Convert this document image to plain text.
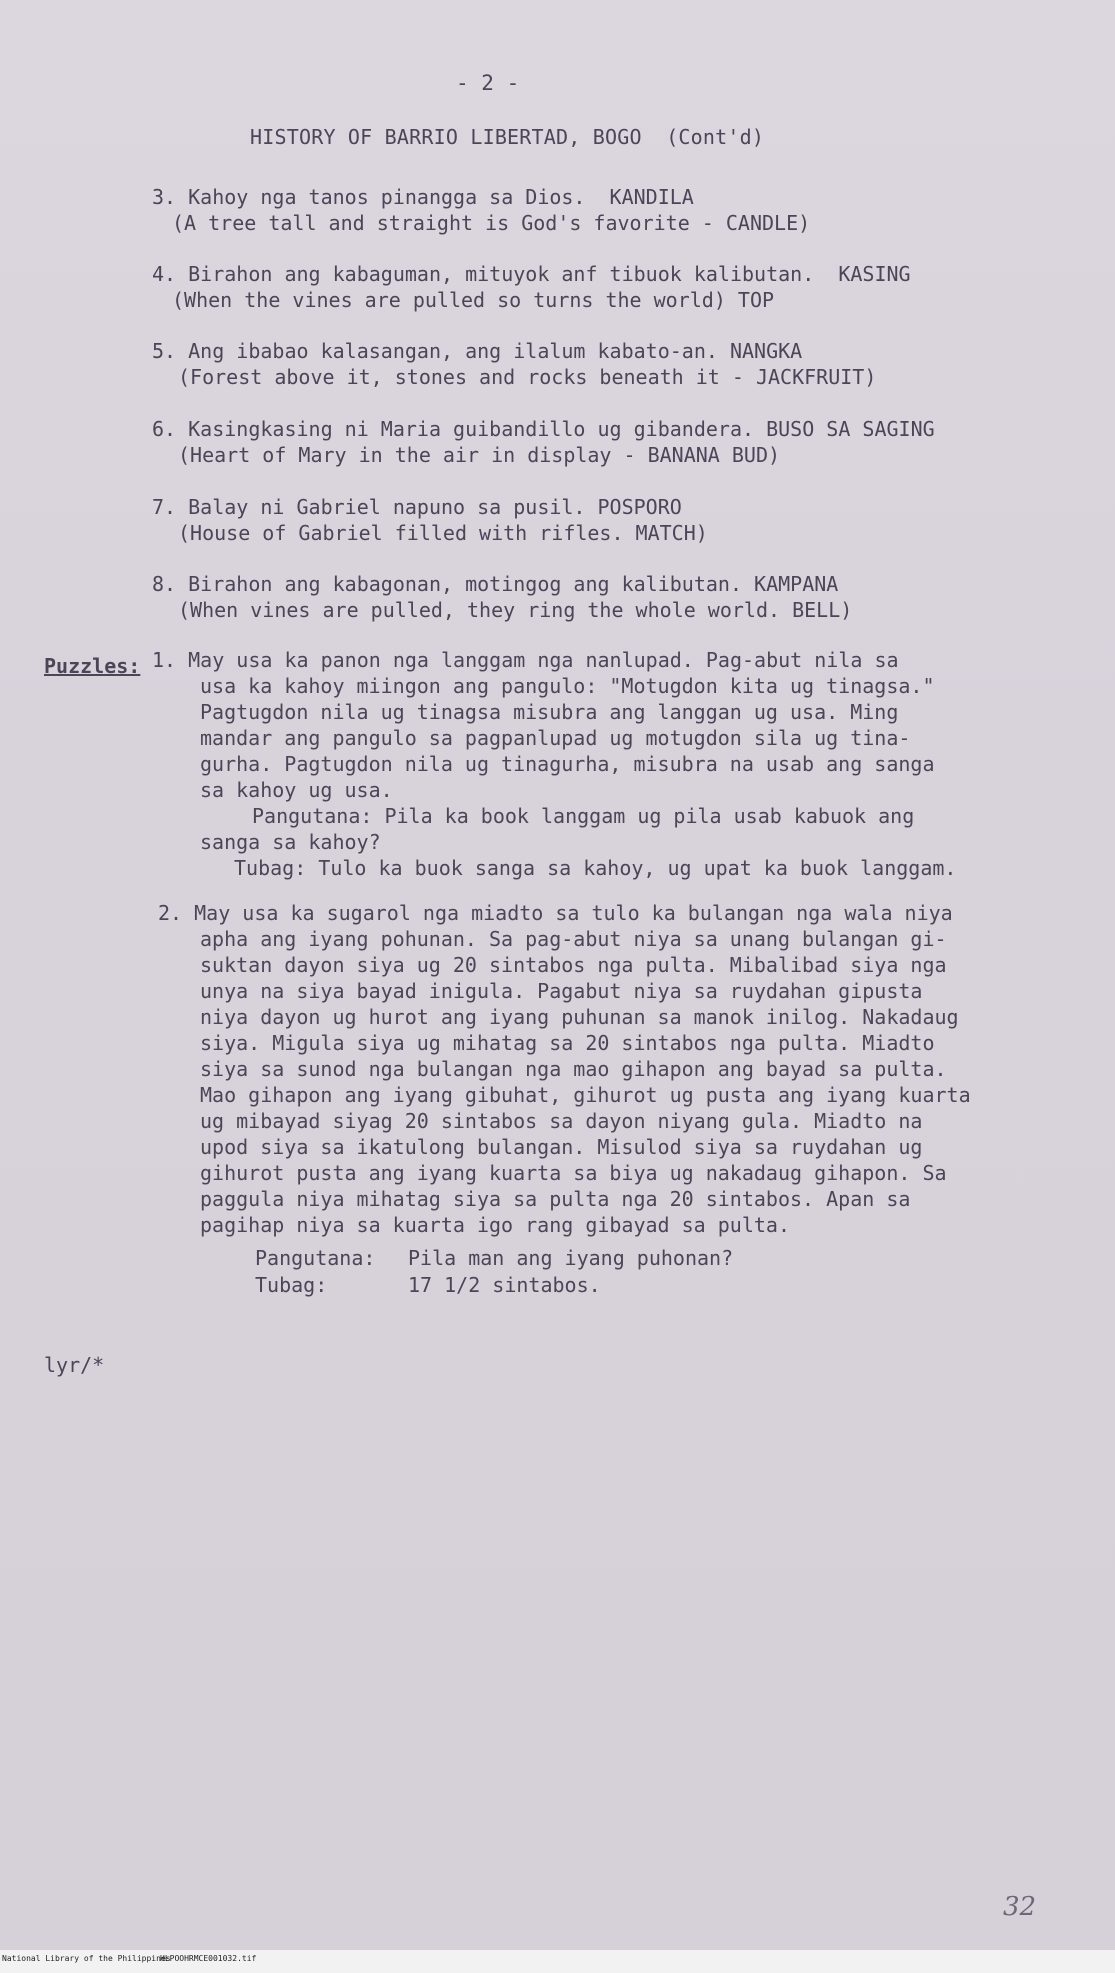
- 2 -
HISTORY OF BARRIO LIBERTAD, BOGO  (Cont'd)
3. Kahoy nga tanos pinangga sa Dios.  KANDILA
(A tree tall and straight is God's favorite - CANDLE)
4. Birahon ang kabaguman, mituyok anf tibuok kalibutan.  KASING
(When the vines are pulled so turns the world) TOP
5. Ang ibabao kalasangan, ang ilalum kabato-an. NANGKA
(Forest above it, stones and rocks beneath it - JACKFRUIT)
6. Kasingkasing ni Maria guibandillo ug gibandera. BUSO SA SAGING
(Heart of Mary in the air in display - BANANA BUD)
7. Balay ni Gabriel napuno sa pusil. POSPORO
(House of Gabriel filled with rifles. MATCH)
8. Birahon ang kabagonan, motingog ang kalibutan. KAMPANA
(When vines are pulled, they ring the whole world. BELL)
Puzzles: 1. May usa ka panon nga langgam nga nanlupad. Pag-abut nila sa
usa ka kahoy miingon ang pangulo: "Motugdon kita ug tinagsa."
Pagtugdon nila ug tinagsa misubra ang langgan ug usa. Ming
mandar ang pangulo sa pagpanlupad ug motugdon sila ug tina-
gurha. Pagtugdon nila ug tinagurha, misubra na usab ang sanga
sa kahoy ug usa.
Pangutana: Pila ka book langgam ug pila usab kabuok ang
sanga sa kahoy?
Tubag: Tulo ka buok sanga sa kahoy, ug upat ka buok langgam.
2. May usa ka sugarol nga miadto sa tulo ka bulangan nga wala niya
apha ang iyang pohunan. Sa pag-abut niya sa unang bulangan gi-
suktan dayon siya ug 20 sintabos nga pulta. Mibalibad siya nga
unya na siya bayad inigula. Pagabut niya sa ruydahan gipusta
niya dayon ug hurot ang iyang puhunan sa manok inilog. Nakadaug
siya. Migula siya ug mihatag sa 20 sintabos nga pulta. Miadto
siya sa sunod nga bulangan nga mao gihapon ang bayad sa pulta.
Mao gihapon ang iyang gibuhat, gihurot ug pusta ang iyang kuarta
ug mibayad siyag 20 sintabos sa dayon niyang gula. Miadto na
upod siya sa ikatulong bulangan. Misulod siya sa ruydahan ug
gihurot pusta ang iyang kuarta sa biya ug nakadaug gihapon. Sa
paggula niya mihatag siya sa pulta nga 20 sintabos. Apan sa
pagihap niya sa kuarta igo rang gibayad sa pulta.
Pangutana: Pila man ang iyang puhonan?
Tubag:	17 1/2 sintabos.
lyr/*
32
National Library of the Philippines
HLPOOHRMCE001032.tif
